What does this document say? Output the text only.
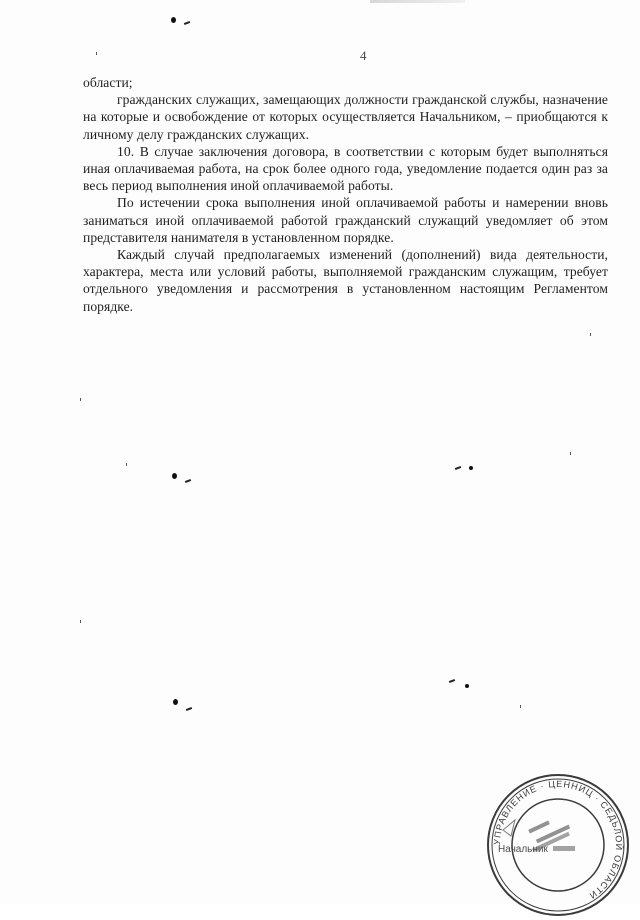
4

области;

гражданских служащих, замещающих должности гражданской службы, назначение на которые и освобождение от которых осуществляется Начальником, – приобщаются к личному делу гражданских служащих.

10. В случае заключения договора, в соответствии с которым будет выполняться иная оплачиваемая работа, на срок более одного года, уведомление подается один раз за весь период выполнения иной оплачиваемой работы.

По истечении срока выполнения иной оплачиваемой работы и намерении вновь заниматься иной оплачиваемой работой гражданский служащий уведомляет об этом представителя нанимателя в установленном порядке.

Каждый случай предполагаемых изменений (дополнений) вида деятельности, характера, места или условий работы, выполняемой гражданским служащим, требует отдельного уведомления и рассмотрения в установленном настоящим Регламентом порядке.

УПРАВЛЕНИЕ · ЦЕННИЦ · СЕДЬЛОЙ ОБЛАСТИ
Начальник
